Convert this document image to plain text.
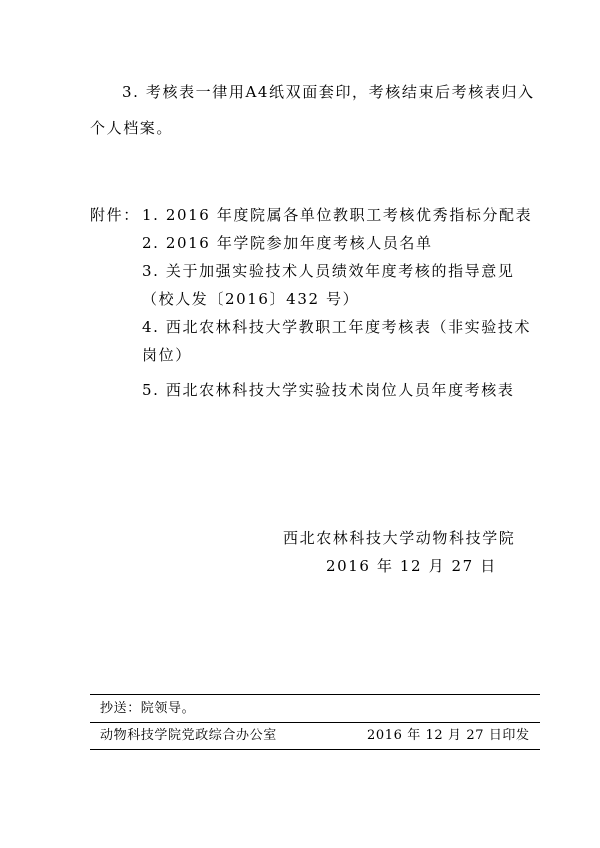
3. 考核表一律用A4纸双面套印，考核结束后考核表归入
个人档案。
附件： 1. 2016 年度院属各单位教职工考核优秀指标分配表
2. 2016 年学院参加年度考核人员名单
3. 关于加强实验技术人员绩效年度考核的指导意见
（校人发〔2016〕432 号）
4. 西北农林科技大学教职工年度考核表（非实验技术
岗位）
5. 西北农林科技大学实验技术岗位人员年度考核表
西北农林科技大学动物科技学院
2016 年 12 月 27 日
抄送：院领导。
动物科技学院党政综合办公室	2016 年 12 月 27 日印发
